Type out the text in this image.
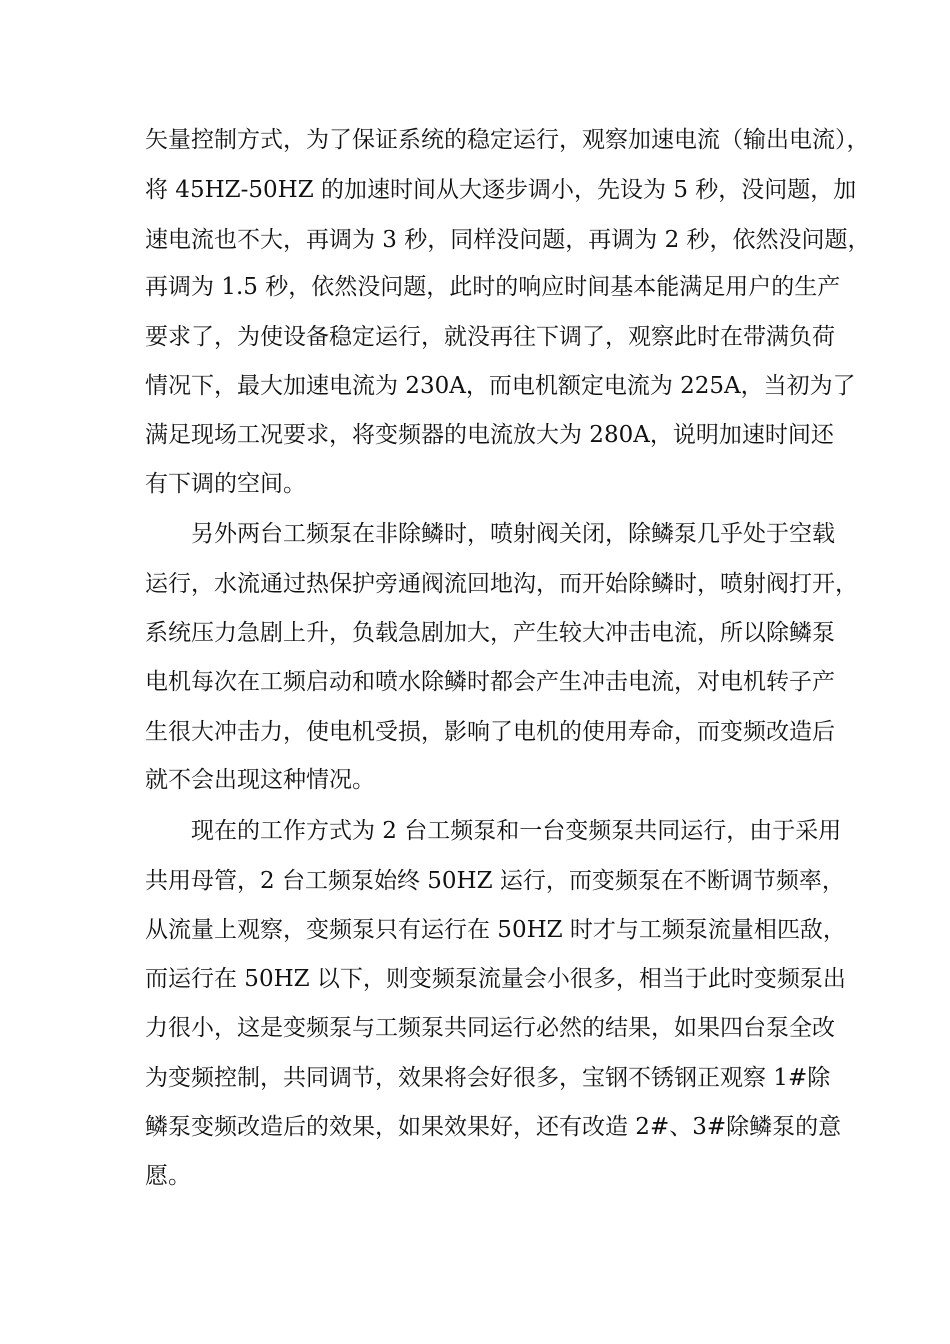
矢量控制方式，为了保证系统的稳定运行，观察加速电流（输出电流），
将 45HZ-50HZ 的加速时间从大逐步调小，先设为 5 秒，没问题，加
速电流也不大，再调为 3 秒，同样没问题，再调为 2 秒，依然没问题，
再调为 1.5 秒，依然没问题，此时的响应时间基本能满足用户的生产
要求了，为使设备稳定运行，就没再往下调了，观察此时在带满负荷
情况下，最大加速电流为 230A，而电机额定电流为 225A，当初为了
满足现场工况要求，将变频器的电流放大为 280A，说明加速时间还
有下调的空间。
另外两台工频泵在非除鳞时，喷射阀关闭，除鳞泵几乎处于空载
运行，水流通过热保护旁通阀流回地沟，而开始除鳞时，喷射阀打开，
系统压力急剧上升，负载急剧加大，产生较大冲击电流，所以除鳞泵
电机每次在工频启动和喷水除鳞时都会产生冲击电流，对电机转子产
生很大冲击力，使电机受损，影响了电机的使用寿命，而变频改造后
就不会出现这种情况。
现在的工作方式为 2 台工频泵和一台变频泵共同运行，由于采用
共用母管，2 台工频泵始终 50HZ 运行，而变频泵在不断调节频率，
从流量上观察，变频泵只有运行在 50HZ 时才与工频泵流量相匹敌，
而运行在 50HZ 以下，则变频泵流量会小很多，相当于此时变频泵出
力很小，这是变频泵与工频泵共同运行必然的结果，如果四台泵全改
为变频控制，共同调节，效果将会好很多，宝钢不锈钢正观察 1#除
鳞泵变频改造后的效果，如果效果好，还有改造 2#、3#除鳞泵的意
愿。
